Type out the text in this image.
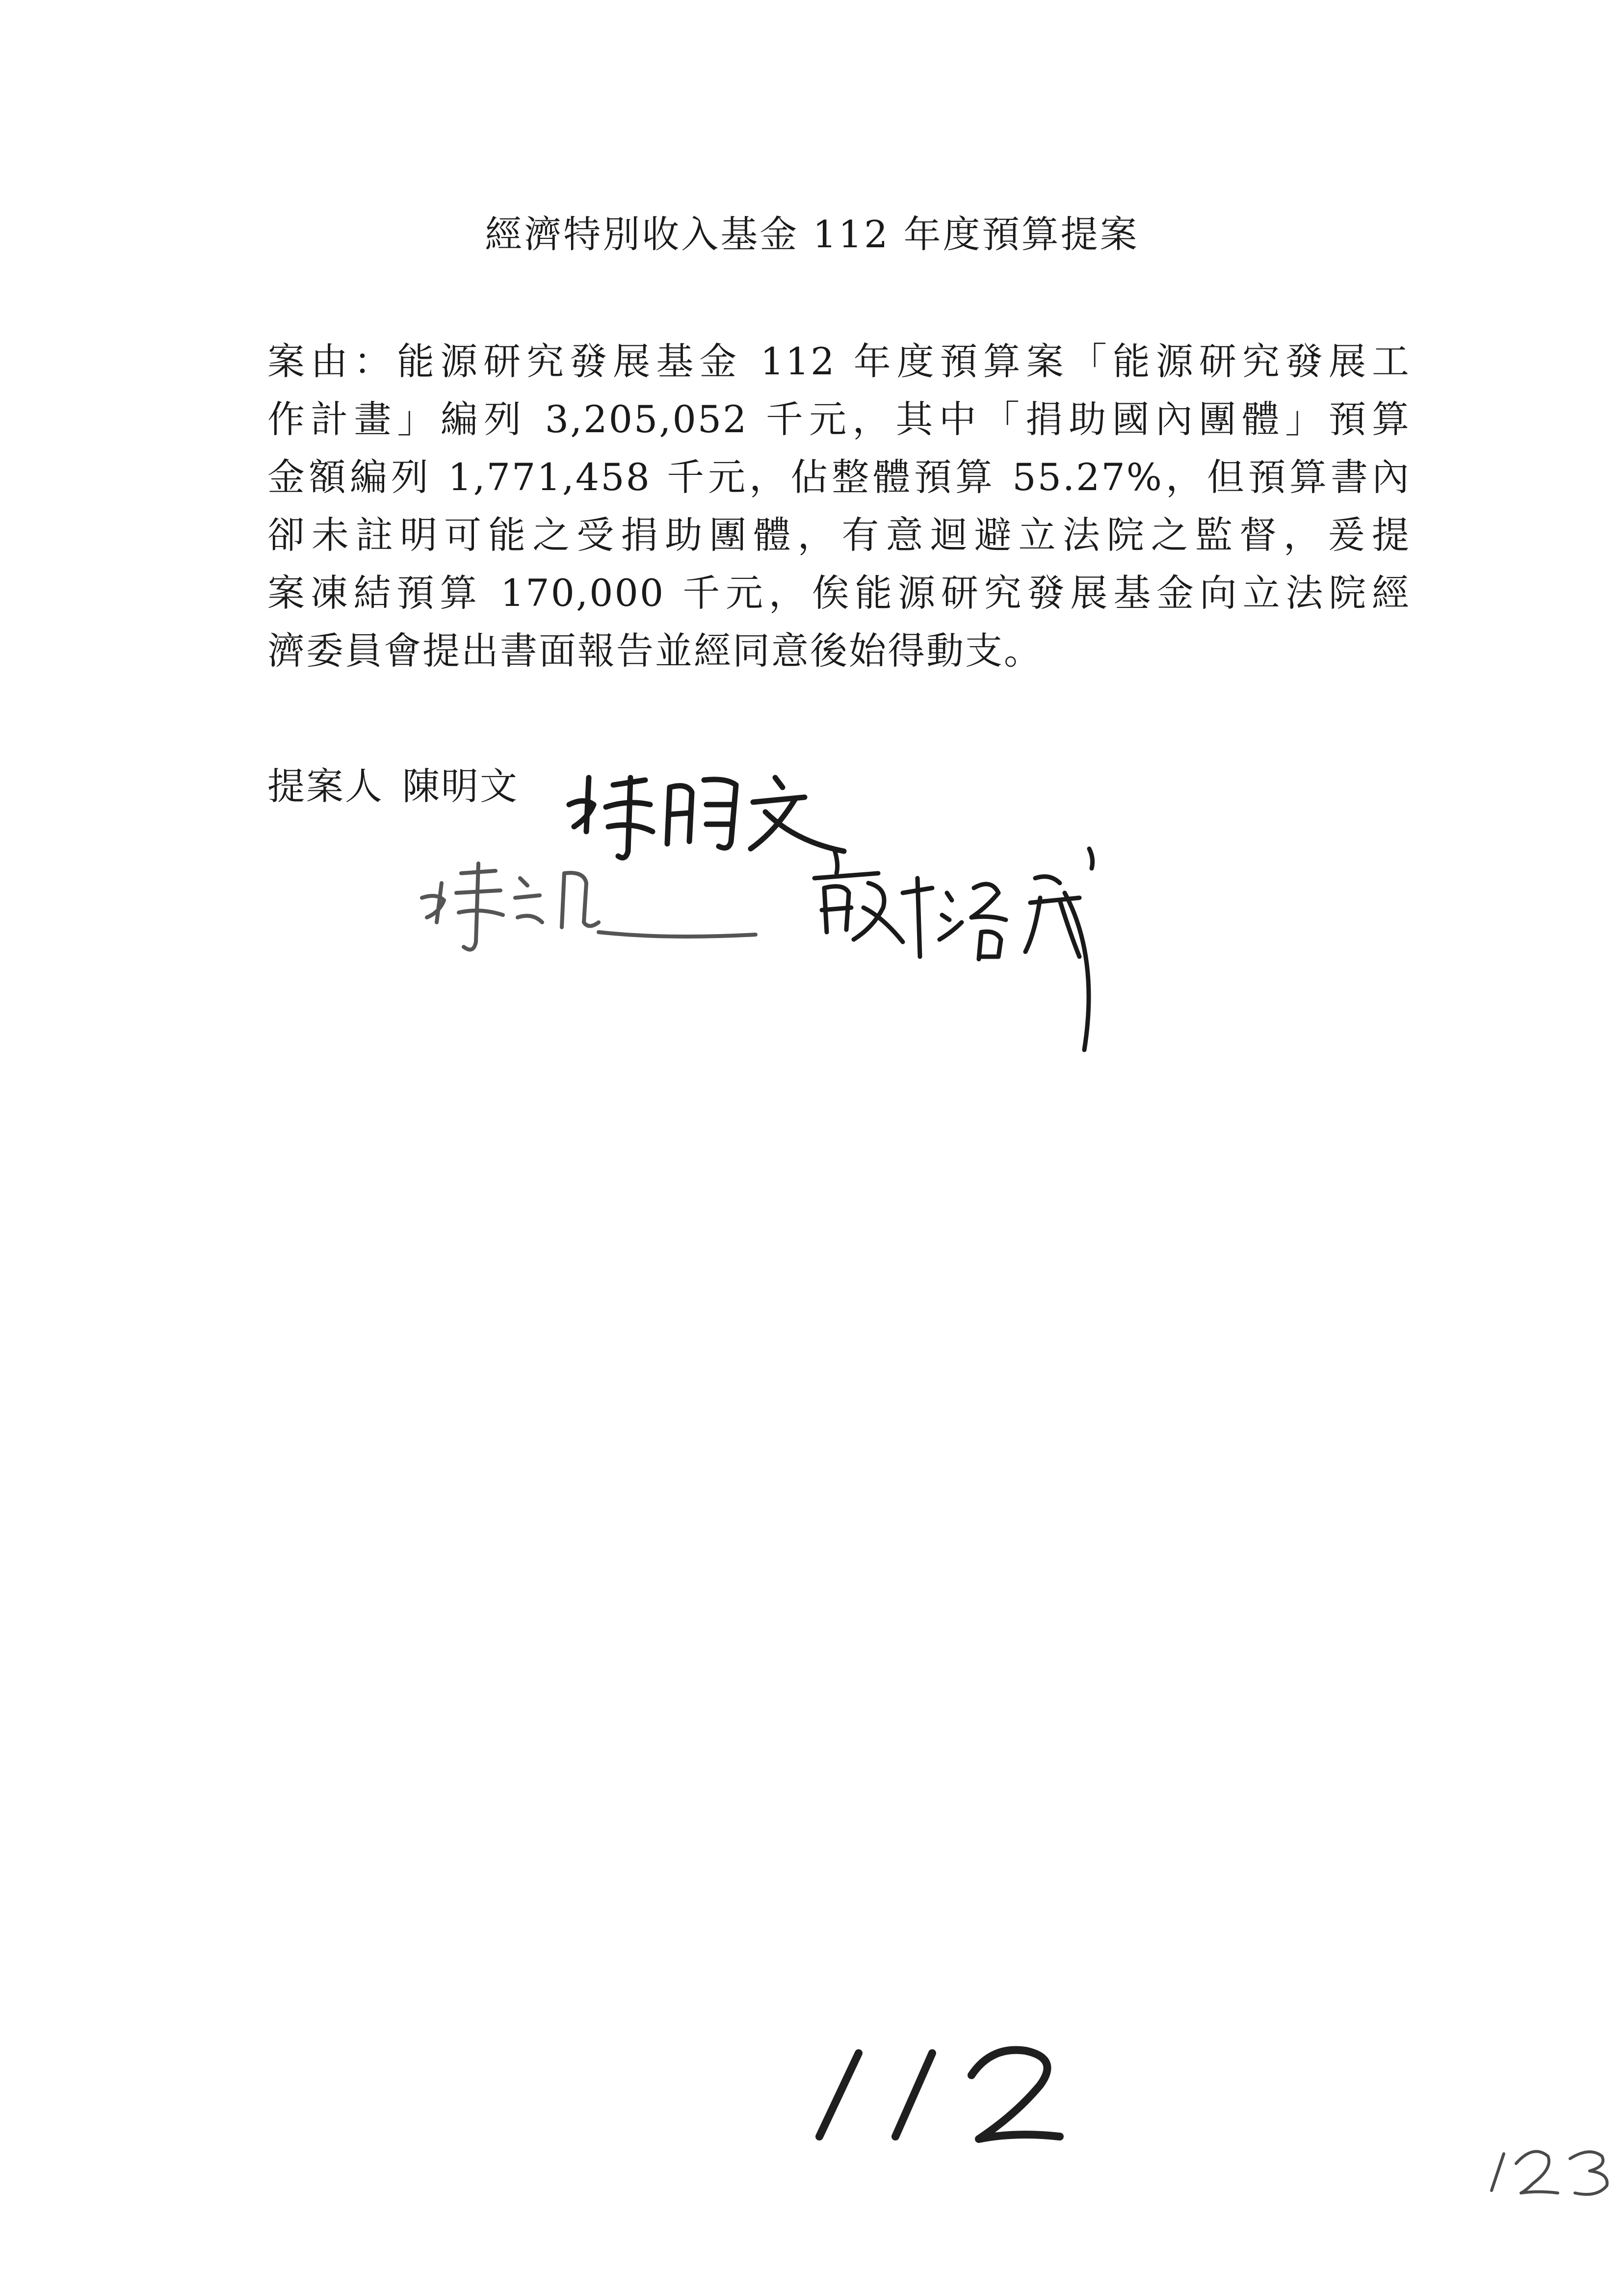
經濟特別收入基金 112 年度預算提案
案由：能源研究發展基金 112 年度預算案「能源研究發展工
作計畫」編列 3,205,052 千元，其中「捐助國內團體」預算
金額編列 1,771,458 千元，佔整體預算 55.27%，但預算書內
卻未註明可能之受捐助團體，有意迴避立法院之監督，爰提
案凍結預算 170,000 千元，俟能源研究發展基金向立法院經
濟委員會提出書面報告並經同意後始得動支。
提案人 陳明文
